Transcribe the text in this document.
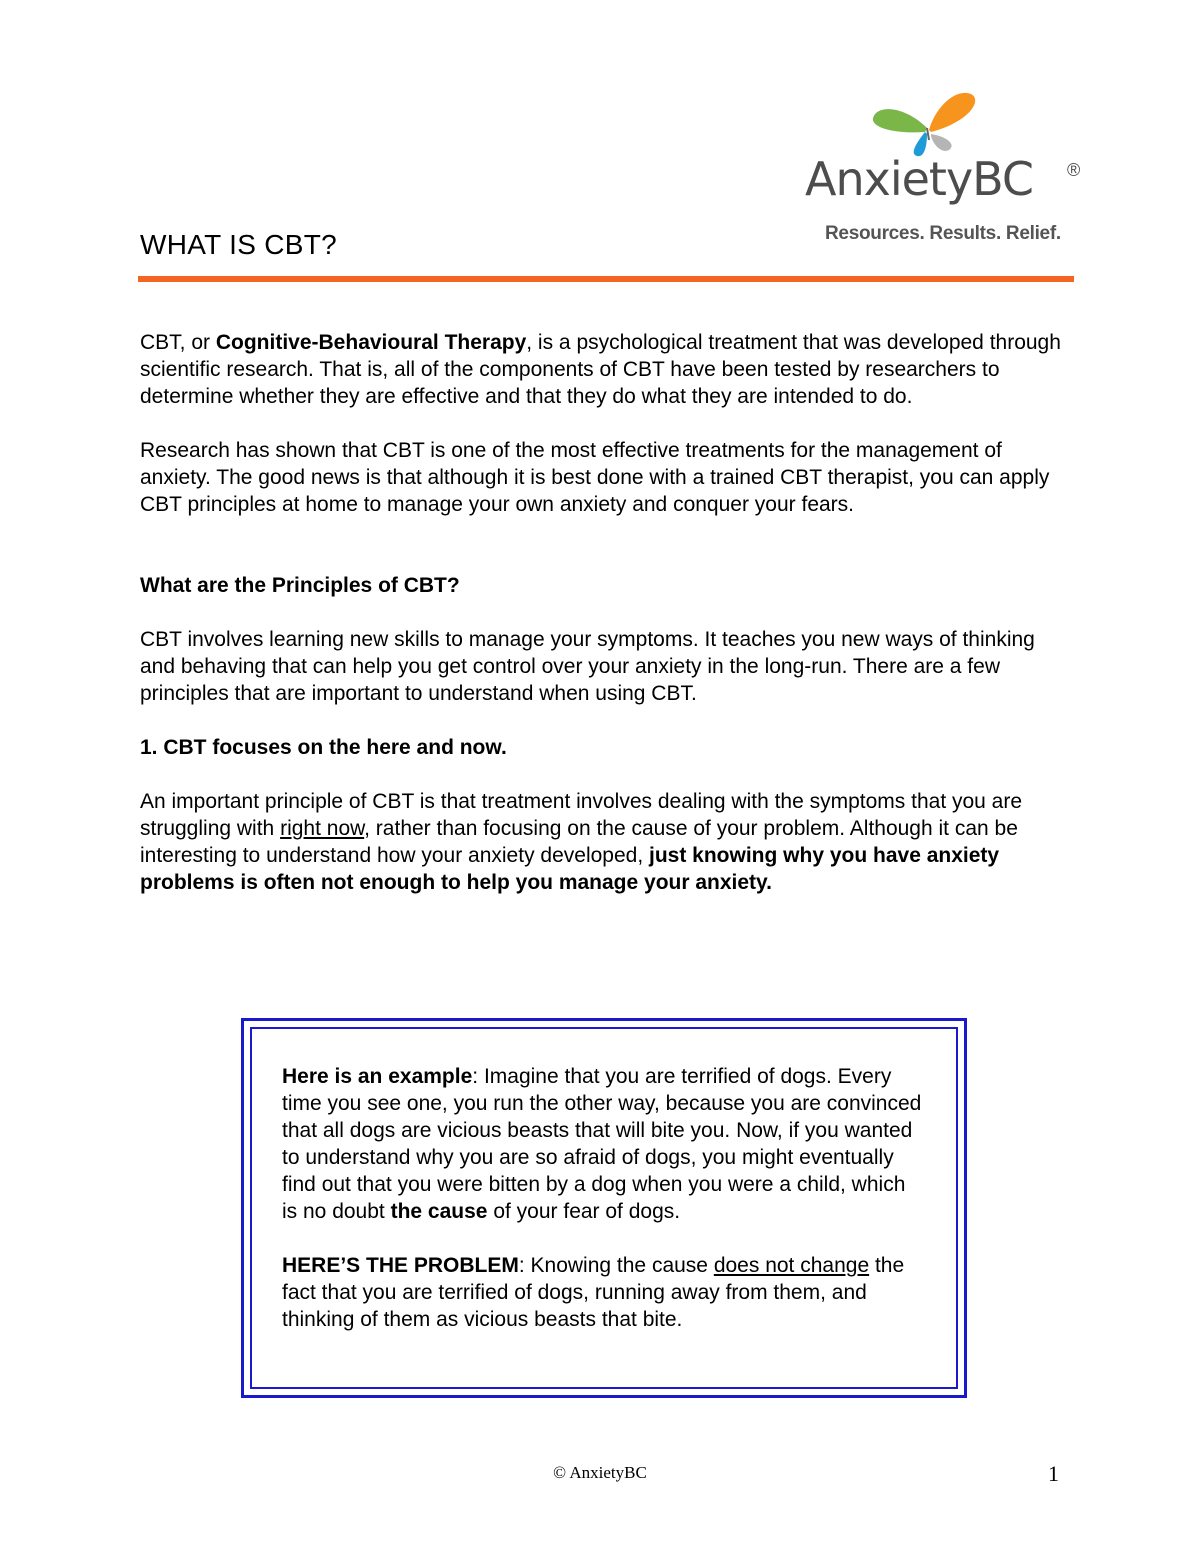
AnxietyBC ®
Resources. Results. Relief.
WHAT IS CBT?

CBT, or Cognitive-Behavioural Therapy, is a psychological treatment that was developed through scientific research. That is, all of the components of CBT have been tested by researchers to determine whether they are effective and that they do what they are intended to do.

Research has shown that CBT is one of the most effective treatments for the management of anxiety. The good news is that although it is best done with a trained CBT therapist, you can apply CBT principles at home to manage your own anxiety and conquer your fears.

What are the Principles of CBT?

CBT involves learning new skills to manage your symptoms. It teaches you new ways of thinking and behaving that can help you get control over your anxiety in the long-run. There are a few principles that are important to understand when using CBT.

1. CBT focuses on the here and now.

An important principle of CBT is that treatment involves dealing with the symptoms that you are struggling with right now, rather than focusing on the cause of your problem. Although it can be interesting to understand how your anxiety developed, just knowing why you have anxiety problems is often not enough to help you manage your anxiety.

Here is an example: Imagine that you are terrified of dogs. Every time you see one, you run the other way, because you are convinced that all dogs are vicious beasts that will bite you. Now, if you wanted to understand why you are so afraid of dogs, you might eventually find out that you were bitten by a dog when you were a child, which is no doubt the cause of your fear of dogs.

HERE’S THE PROBLEM: Knowing the cause does not change the fact that you are terrified of dogs, running away from them, and thinking of them as vicious beasts that bite.

© AnxietyBC	1
